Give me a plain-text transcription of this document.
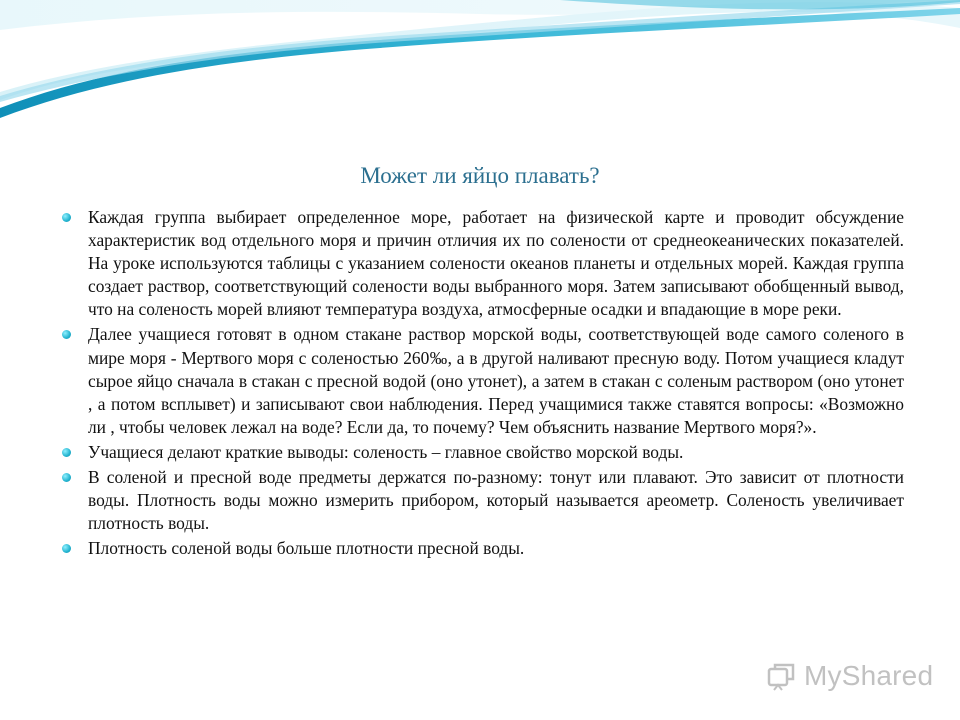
Может ли яйцо плавать?
Каждая группа выбирает определенное море, работает на физической карте и проводит обсуждение характеристик вод отдельного моря и причин отличия их по солености от среднеокеанических показателей. На уроке используются таблицы с указанием солености океанов планеты и отдельных морей. Каждая группа создает раствор, соответствующий солености воды выбранного моря. Затем записывают обобщенный вывод, что на соленость морей влияют температура воздуха, атмосферные осадки и впадающие в море реки.
Далее учащиеся готовят в одном стакане раствор морской воды, соответствующей воде самого соленого в мире моря - Мертвого моря с соленостью 260‰, а в другой наливают пресную воду. Потом учащиеся кладут сырое яйцо сначала в стакан с пресной водой (оно утонет), а затем в стакан с соленым раствором (оно утонет , а потом всплывет) и записывают свои наблюдения. Перед учащимися также ставятся вопросы: «Возможно ли , чтобы человек лежал на воде? Если да, то почему? Чем объяснить название Мертвого моря?».
Учащиеся делают краткие выводы: соленость – главное свойство морской воды.
В соленой и пресной воде предметы держатся по-разному: тонут или плавают. Это зависит от плотности воды. Плотность воды можно измерить прибором, который называется ареометр. Соленость увеличивает плотность воды.
Плотность соленой воды больше плотности пресной воды.
MyShared
